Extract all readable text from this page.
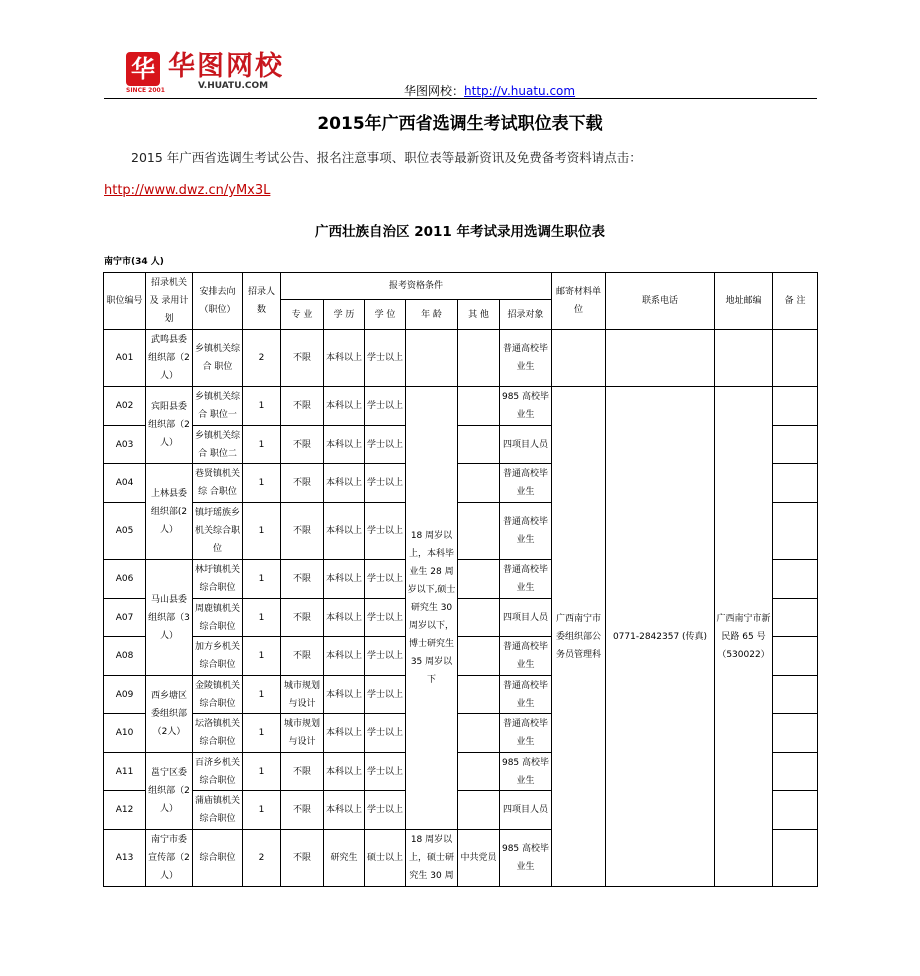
华
SINCE 2001
华图网校
V.HUATU.COM	华图网校：http://v.huatu.com
2015年广西省选调生考试职位表下载
2015 年广西省选调生考试公告、报名注意事项、职位表等最新资讯及免费备考资料请点击：
http://www.dwz.cn/yMx3L
广西壮族自治区 2011 年考试录用选调生职位表
南宁市(34 人)
职位编号	招录机关及 录用计划	安排去向（职位）	招录人数	报考资格条件						邮寄材料单位	联系电话	地址邮编	备 注	
				专 业	学 历	学 位	年 龄	其 他	招录对象					
A01	武鸣县委组织部（2人）	乡镇机关综合 职位	2	不限	本科以上	学士以上			普通高校毕业生					
A02	宾阳县委组织部（2人）	乡镇机关综合 职位一	1	不限	本科以上	学士以上	18 周岁以上，本科毕业生 28 周岁以下,硕士研究生 30 周岁以下，博士研究生 35 周岁以下		985 高校毕业生	广西南宁市委组织部公务员管理科	0771-2842357 (传真)	广西南宁市新民路 65 号（530022）		
A03		乡镇机关综合 职位二	1	不限	本科以上	学士以上			四项目人员					
A04	上林县委组织部(2人）	巷贤镇机关综 合职位	1	不限	本科以上	学士以上			普通高校毕业生					
A05		镇圩瑶族乡机关综合职位	1	不限	本科以上	学士以上			普通高校毕业生					
A06	马山县委组织部（3人）	林圩镇机关综合职位	1	不限	本科以上	学士以上			普通高校毕业生					
A07		周鹿镇机关综合职位	1	不限	本科以上	学士以上			四项目人员					
A08		加方乡机关综合职位	1	不限	本科以上	学士以上			普通高校毕业生					
A09	西乡塘区委组织部（2人）	金陵镇机关综合职位	1	城市规划与设计	本科以上	学士以上			普通高校毕业生					
A10		坛洛镇机关综合职位	1	城市规划与设计	本科以上	学士以上			普通高校毕业生					
A11	邕宁区委组织部（2人）	百济乡机关综合职位	1	不限	本科以上	学士以上			985 高校毕业生					
A12		蒲庙镇机关综合职位	1	不限	本科以上	学士以上			四项目人员					
A13	南宁市委宣传部（2人）	综合职位	2	不限	研究生	硕士以上	18 周岁以上，硕士研究生 30 周	中共党员	985 高校毕业生					
